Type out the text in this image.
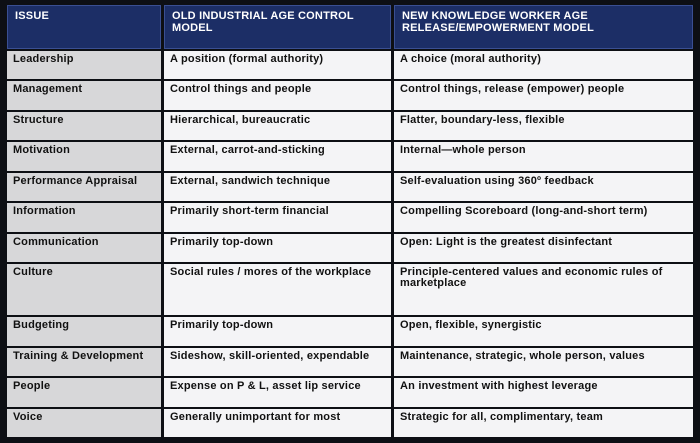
ISSUE	OLD INDUSTRIAL AGE CONTROL MODEL	NEW KNOWLEDGE WORKER AGE RELEASE/EMPOWERMENT MODEL
Leadership	A position (formal authority)	A choice (moral authority)
Management	Control things and people	Control things, release (empower) people
Structure	Hierarchical, bureaucratic	Flatter, boundary-less, flexible
Motivation	External, carrot-and-sticking	Internal—whole person
Performance Appraisal	External, sandwich technique	Self-evaluation using 360º feedback
Information	Primarily short-term financial	Compelling Scoreboard (long-and-short term)
Communication	Primarily top-down	Open: Light is the greatest disinfectant
Culture	Social rules / mores of the workplace	Principle-centered values and economic rules of marketplace
Budgeting	Primarily top-down	Open, flexible, synergistic
Training & Development	Sideshow, skill-oriented, expendable	Maintenance, strategic, whole person, values
People	Expense on P & L, asset lip service	An investment with highest leverage
Voice	Generally unimportant for most	Strategic for all, complimentary, team
